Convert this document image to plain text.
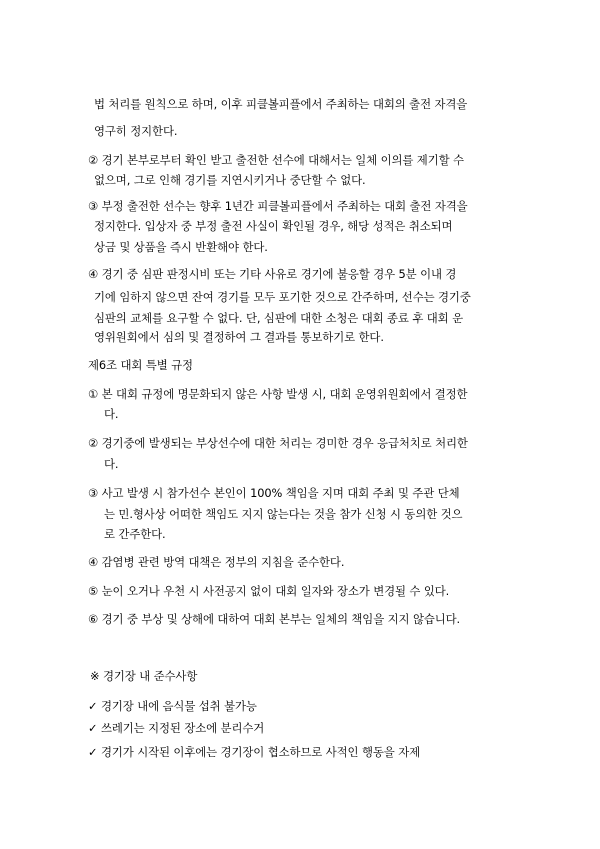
법 처리를 원칙으로 하며, 이후 피클볼피플에서 주최하는 대회의 출전 자격을
영구히 정지한다.
② 경기 본부로부터 확인 받고 출전한 선수에 대해서는 일체 이의를 제기할 수
없으며, 그로 인해 경기를 지연시키거나 중단할 수 없다.
③ 부정 출전한 선수는 향후 1년간 피클볼피플에서 주최하는 대회 출전 자격을
정지한다. 입상자 중 부정 출전 사실이 확인될 경우, 해당 성적은 취소되며
상금 및 상품을 즉시 반환해야 한다.
④ 경기 중 심판 판정시비 또는 기타 사유로 경기에 불응할 경우 5분 이내 경
기에 임하지 않으면 잔여 경기를 모두 포기한 것으로 간주하며, 선수는 경기중
심판의 교체를 요구할 수 없다. 단, 심판에 대한 소청은 대회 종료 후 대회 운
영위원회에서 심의 및 결정하여 그 결과를 통보하기로 한다.
제6조 대회 특별 규정
① 본 대회 규정에 명문화되지 않은 사항 발생 시, 대회 운영위원회에서 결정한
다.
② 경기중에 발생되는 부상선수에 대한 처리는 경미한 경우 응급처치로 처리한
다.
③ 사고 발생 시 참가선수 본인이 100% 책임을 지며 대회 주최 및 주관 단체
는 민.형사상 어떠한 책임도 지지 않는다는 것을 참가 신청 시 동의한 것으
로 간주한다.
④ 감염병 관련 방역 대책은 정부의 지침을 준수한다.
⑤ 눈이 오거나 우천 시 사전공지 없이 대회 일자와 장소가 변경될 수 있다.
⑥ 경기 중 부상 및 상해에 대하여 대회 본부는 일체의 책임을 지지 않습니다.
※ 경기장 내 준수사항
✓ 경기장 내에 음식물 섭취 불가능
✓ 쓰레기는 지정된 장소에 분리수거
✓ 경기가 시작된 이후에는 경기장이 협소하므로 사적인 행동을 자제
